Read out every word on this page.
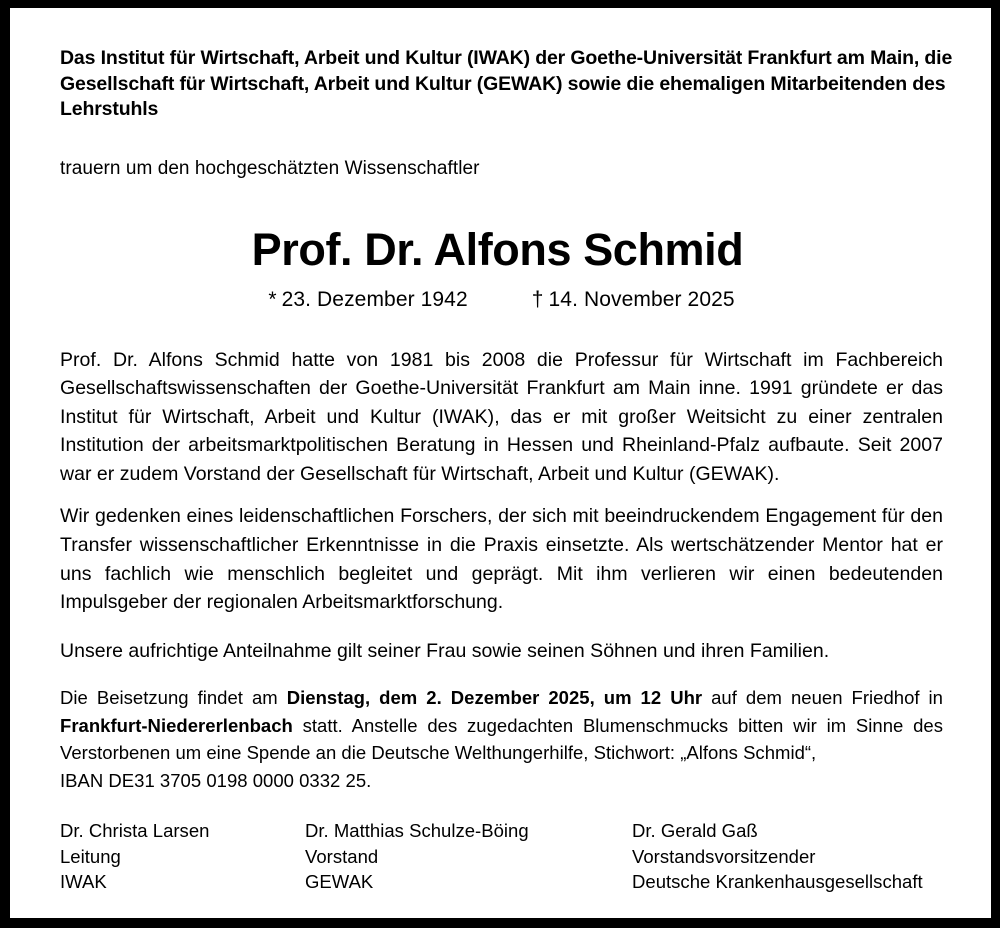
Das Institut für Wirtschaft, Arbeit und Kultur (IWAK) der Goethe-Universität Frankfurt am Main, die Gesellschaft für Wirtschaft, Arbeit und Kultur (GEWAK) sowie die ehemaligen Mitarbeitenden des Lehrstuhls

trauern um den hochgeschätzten Wissenschaftler

Prof. Dr. Alfons Schmid
* 23. Dezember 1942	† 14. November 2025

Prof. Dr. Alfons Schmid hatte von 1981 bis 2008 die Professur für Wirtschaft im Fachbereich Gesellschaftswissenschaften der Goethe-Universität Frankfurt am Main inne. 1991 gründete er das Institut für Wirtschaft, Arbeit und Kultur (IWAK), das er mit großer Weitsicht zu einer zentralen Institution der arbeitsmarktpolitischen Beratung in Hessen und Rheinland-Pfalz aufbaute. Seit 2007 war er zudem Vorstand der Gesellschaft für Wirtschaft, Arbeit und Kultur (GEWAK).

Wir gedenken eines leidenschaftlichen Forschers, der sich mit beeindruckendem Engagement für den Transfer wissenschaftlicher Erkenntnisse in die Praxis einsetzte. Als wertschätzender Mentor hat er uns fachlich wie menschlich begleitet und geprägt. Mit ihm verlieren wir einen bedeutenden Impulsgeber der regionalen Arbeitsmarktforschung.

Unsere aufrichtige Anteilnahme gilt seiner Frau sowie seinen Söhnen und ihren Familien.

Die Beisetzung findet am Dienstag, dem 2. Dezember 2025, um 12 Uhr auf dem neuen Friedhof in Frankfurt-Niedererlenbach statt. Anstelle des zugedachten Blumenschmucks bitten wir im Sinne des Verstorbenen um eine Spende an die Deutsche Welthungerhilfe, Stichwort: „Alfons Schmid“,
IBAN DE31 3705 0198 0000 0332 25.

Dr. Christa Larsen
Leitung
IWAK
Dr. Matthias Schulze-Böing
Vorstand
GEWAK
Dr. Gerald Gaß
Vorstandsvorsitzender
Deutsche Krankenhausgesellschaft
